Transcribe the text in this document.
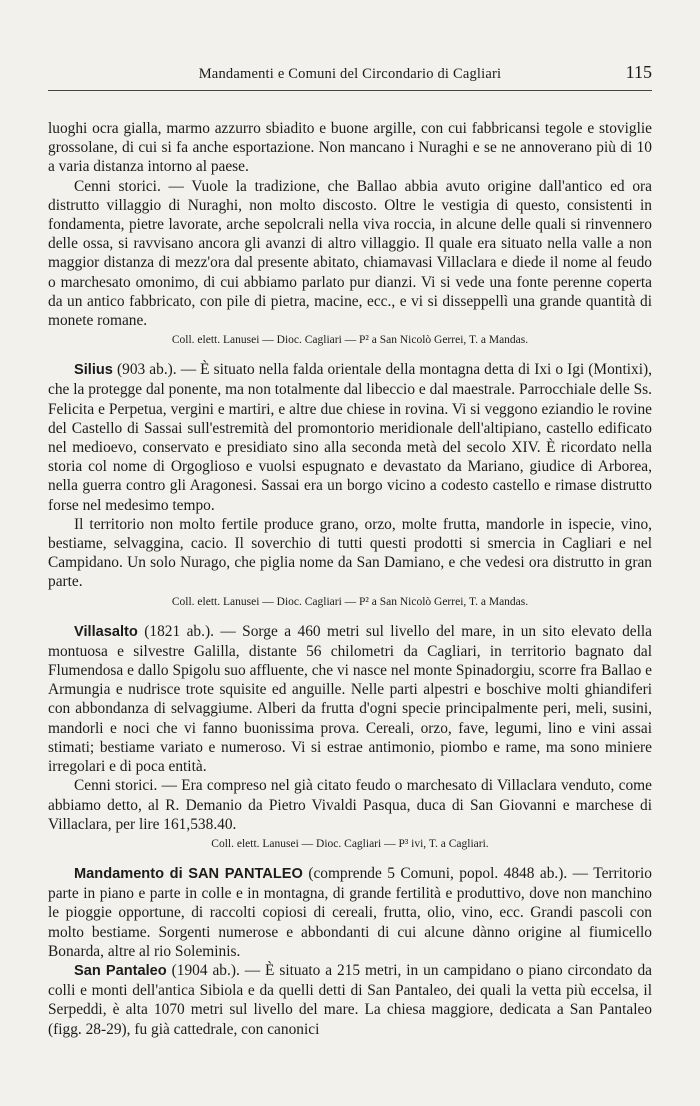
Mandamenti e Comuni del Circondario di Cagliari	115

luoghi ocra gialla, marmo azzurro sbiadito e buone argille, con cui fabbricansi tegole e stoviglie grossolane, di cui si fa anche esportazione. Non mancano i Nuraghi e se ne annoverano più di 10 a varia distanza intorno al paese.

Cenni storici. — Vuole la tradizione, che Ballao abbia avuto origine dall'antico ed ora distrutto villaggio di Nuraghi, non molto discosto. Oltre le vestigia di questo, consistenti in fondamenta, pietre lavorate, arche sepolcrali nella viva roccia, in alcune delle quali si rinvennero delle ossa, si ravvisano ancora gli avanzi di altro villaggio. Il quale era situato nella valle a non maggior distanza di mezz'ora dal presente abitato, chiamavasi Villaclara e diede il nome al feudo o marchesato omonimo, di cui abbiamo parlato pur dianzi. Vi si vede una fonte perenne coperta da un antico fabbricato, con pile di pietra, macine, ecc., e vi si disseppellì una grande quantità di monete romane.

Coll. elett. Lanusei — Dioc. Cagliari — P² a San Nicolò Gerrei, T. a Mandas.

Silius (903 ab.). — È situato nella falda orientale della montagna detta di Ixi o Igi (Montixi), che la protegge dal ponente, ma non totalmente dal libeccio e dal maestrale. Parrocchiale delle Ss. Felicita e Perpetua, vergini e martiri, e altre due chiese in rovina. Vi si veggono eziandio le rovine del Castello di Sassai sull'estremità del promontorio meridionale dell'altipiano, castello edificato nel medioevo, conservato e presidiato sino alla seconda metà del secolo XIV. È ricordato nella storia col nome di Orgoglioso e vuolsi espugnato e devastato da Mariano, giudice di Arborea, nella guerra contro gli Aragonesi. Sassai era un borgo vicino a codesto castello e rimase distrutto forse nel medesimo tempo.

Il territorio non molto fertile produce grano, orzo, molte frutta, mandorle in ispecie, vino, bestiame, selvaggina, cacio. Il soverchio di tutti questi prodotti si smercia in Cagliari e nel Campidano. Un solo Nurago, che piglia nome da San Damiano, e che vedesi ora distrutto in gran parte.

Coll. elett. Lanusei — Dioc. Cagliari — P² a San Nicolò Gerrei, T. a Mandas.

Villasalto (1821 ab.). — Sorge a 460 metri sul livello del mare, in un sito elevato della montuosa e silvestre Galilla, distante 56 chilometri da Cagliari, in territorio bagnato dal Flumendosa e dallo Spigolu suo affluente, che vi nasce nel monte Spinadorgiu, scorre fra Ballao e Armungia e nudrisce trote squisite ed anguille. Nelle parti alpestri e boschive molti ghiandiferi con abbondanza di selvaggiume. Alberi da frutta d'ogni specie principalmente peri, meli, susini, mandorli e noci che vi fanno buonissima prova. Cereali, orzo, fave, legumi, lino e vini assai stimati; bestiame variato e numeroso. Vi si estrae antimonio, piombo e rame, ma sono miniere irregolari e di poca entità.

Cenni storici. — Era compreso nel già citato feudo o marchesato di Villaclara venduto, come abbiamo detto, al R. Demanio da Pietro Vivaldi Pasqua, duca di San Giovanni e marchese di Villaclara, per lire 161,538.40.

Coll. elett. Lanusei — Dioc. Cagliari — P³ ivi, T. a Cagliari.

Mandamento di SAN PANTALEO (comprende 5 Comuni, popol. 4848 ab.). — Territorio parte in piano e parte in colle e in montagna, di grande fertilità e produttivo, dove non manchino le pioggie opportune, di raccolti copiosi di cereali, frutta, olio, vino, ecc. Grandi pascoli con molto bestiame. Sorgenti numerose e abbondanti di cui alcune dànno origine al fiumicello Bonarda, altre al rio Soleminis.

San Pantaleo (1904 ab.). — È situato a 215 metri, in un campidano o piano circondato da colli e monti dell'antica Sibiola e da quelli detti di San Pantaleo, dei quali la vetta più eccelsa, il Serpeddi, è alta 1070 metri sul livello del mare. La chiesa maggiore, dedicata a San Pantaleo (figg. 28-29), fu già cattedrale, con canonici
